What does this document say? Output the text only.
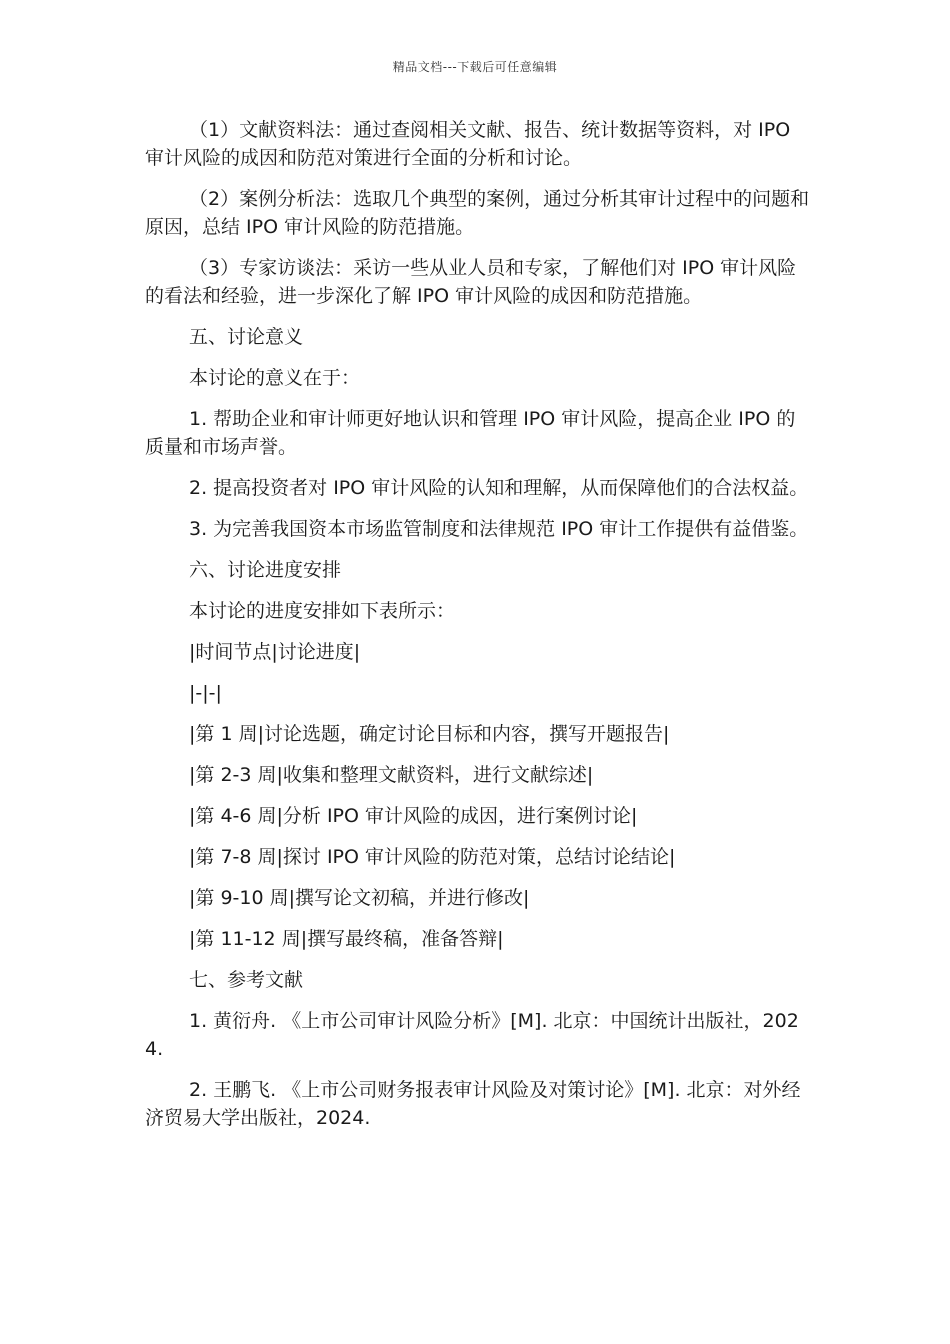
精品文档---下载后可任意编辑

（1）文献资料法：通过查阅相关文献、报告、统计数据等资料，对 IPO 审计风险的成因和防范对策进行全面的分析和讨论。

（2）案例分析法：选取几个典型的案例，通过分析其审计过程中的问题和原因，总结 IPO 审计风险的防范措施。

（3）专家访谈法：采访一些从业人员和专家，了解他们对 IPO 审计风险的看法和经验，进一步深化了解 IPO 审计风险的成因和防范措施。

五、讨论意义

本讨论的意义在于：

1. 帮助企业和审计师更好地认识和管理 IPO 审计风险，提高企业 IPO 的质量和市场声誉。

2. 提高投资者对 IPO 审计风险的认知和理解，从而保障他们的合法权益。

3. 为完善我国资本市场监管制度和法律规范 IPO 审计工作提供有益借鉴。

六、讨论进度安排

本讨论的进度安排如下表所示：

|时间节点|讨论进度|

|-|-|

|第 1 周|讨论选题，确定讨论目标和内容，撰写开题报告|

|第 2-3 周|收集和整理文献资料，进行文献综述|

|第 4-6 周|分析 IPO 审计风险的成因，进行案例讨论|

|第 7-8 周|探讨 IPO 审计风险的防范对策，总结讨论结论|

|第 9-10 周|撰写论文初稿，并进行修改|

|第 11-12 周|撰写最终稿，准备答辩|

七、参考文献

1. 黄衍舟. 《上市公司审计风险分析》[M]. 北京：中国统计出版社，2024.

2. 王鹏飞. 《上市公司财务报表审计风险及对策讨论》[M]. 北京：对外经济贸易大学出版社，2024.
